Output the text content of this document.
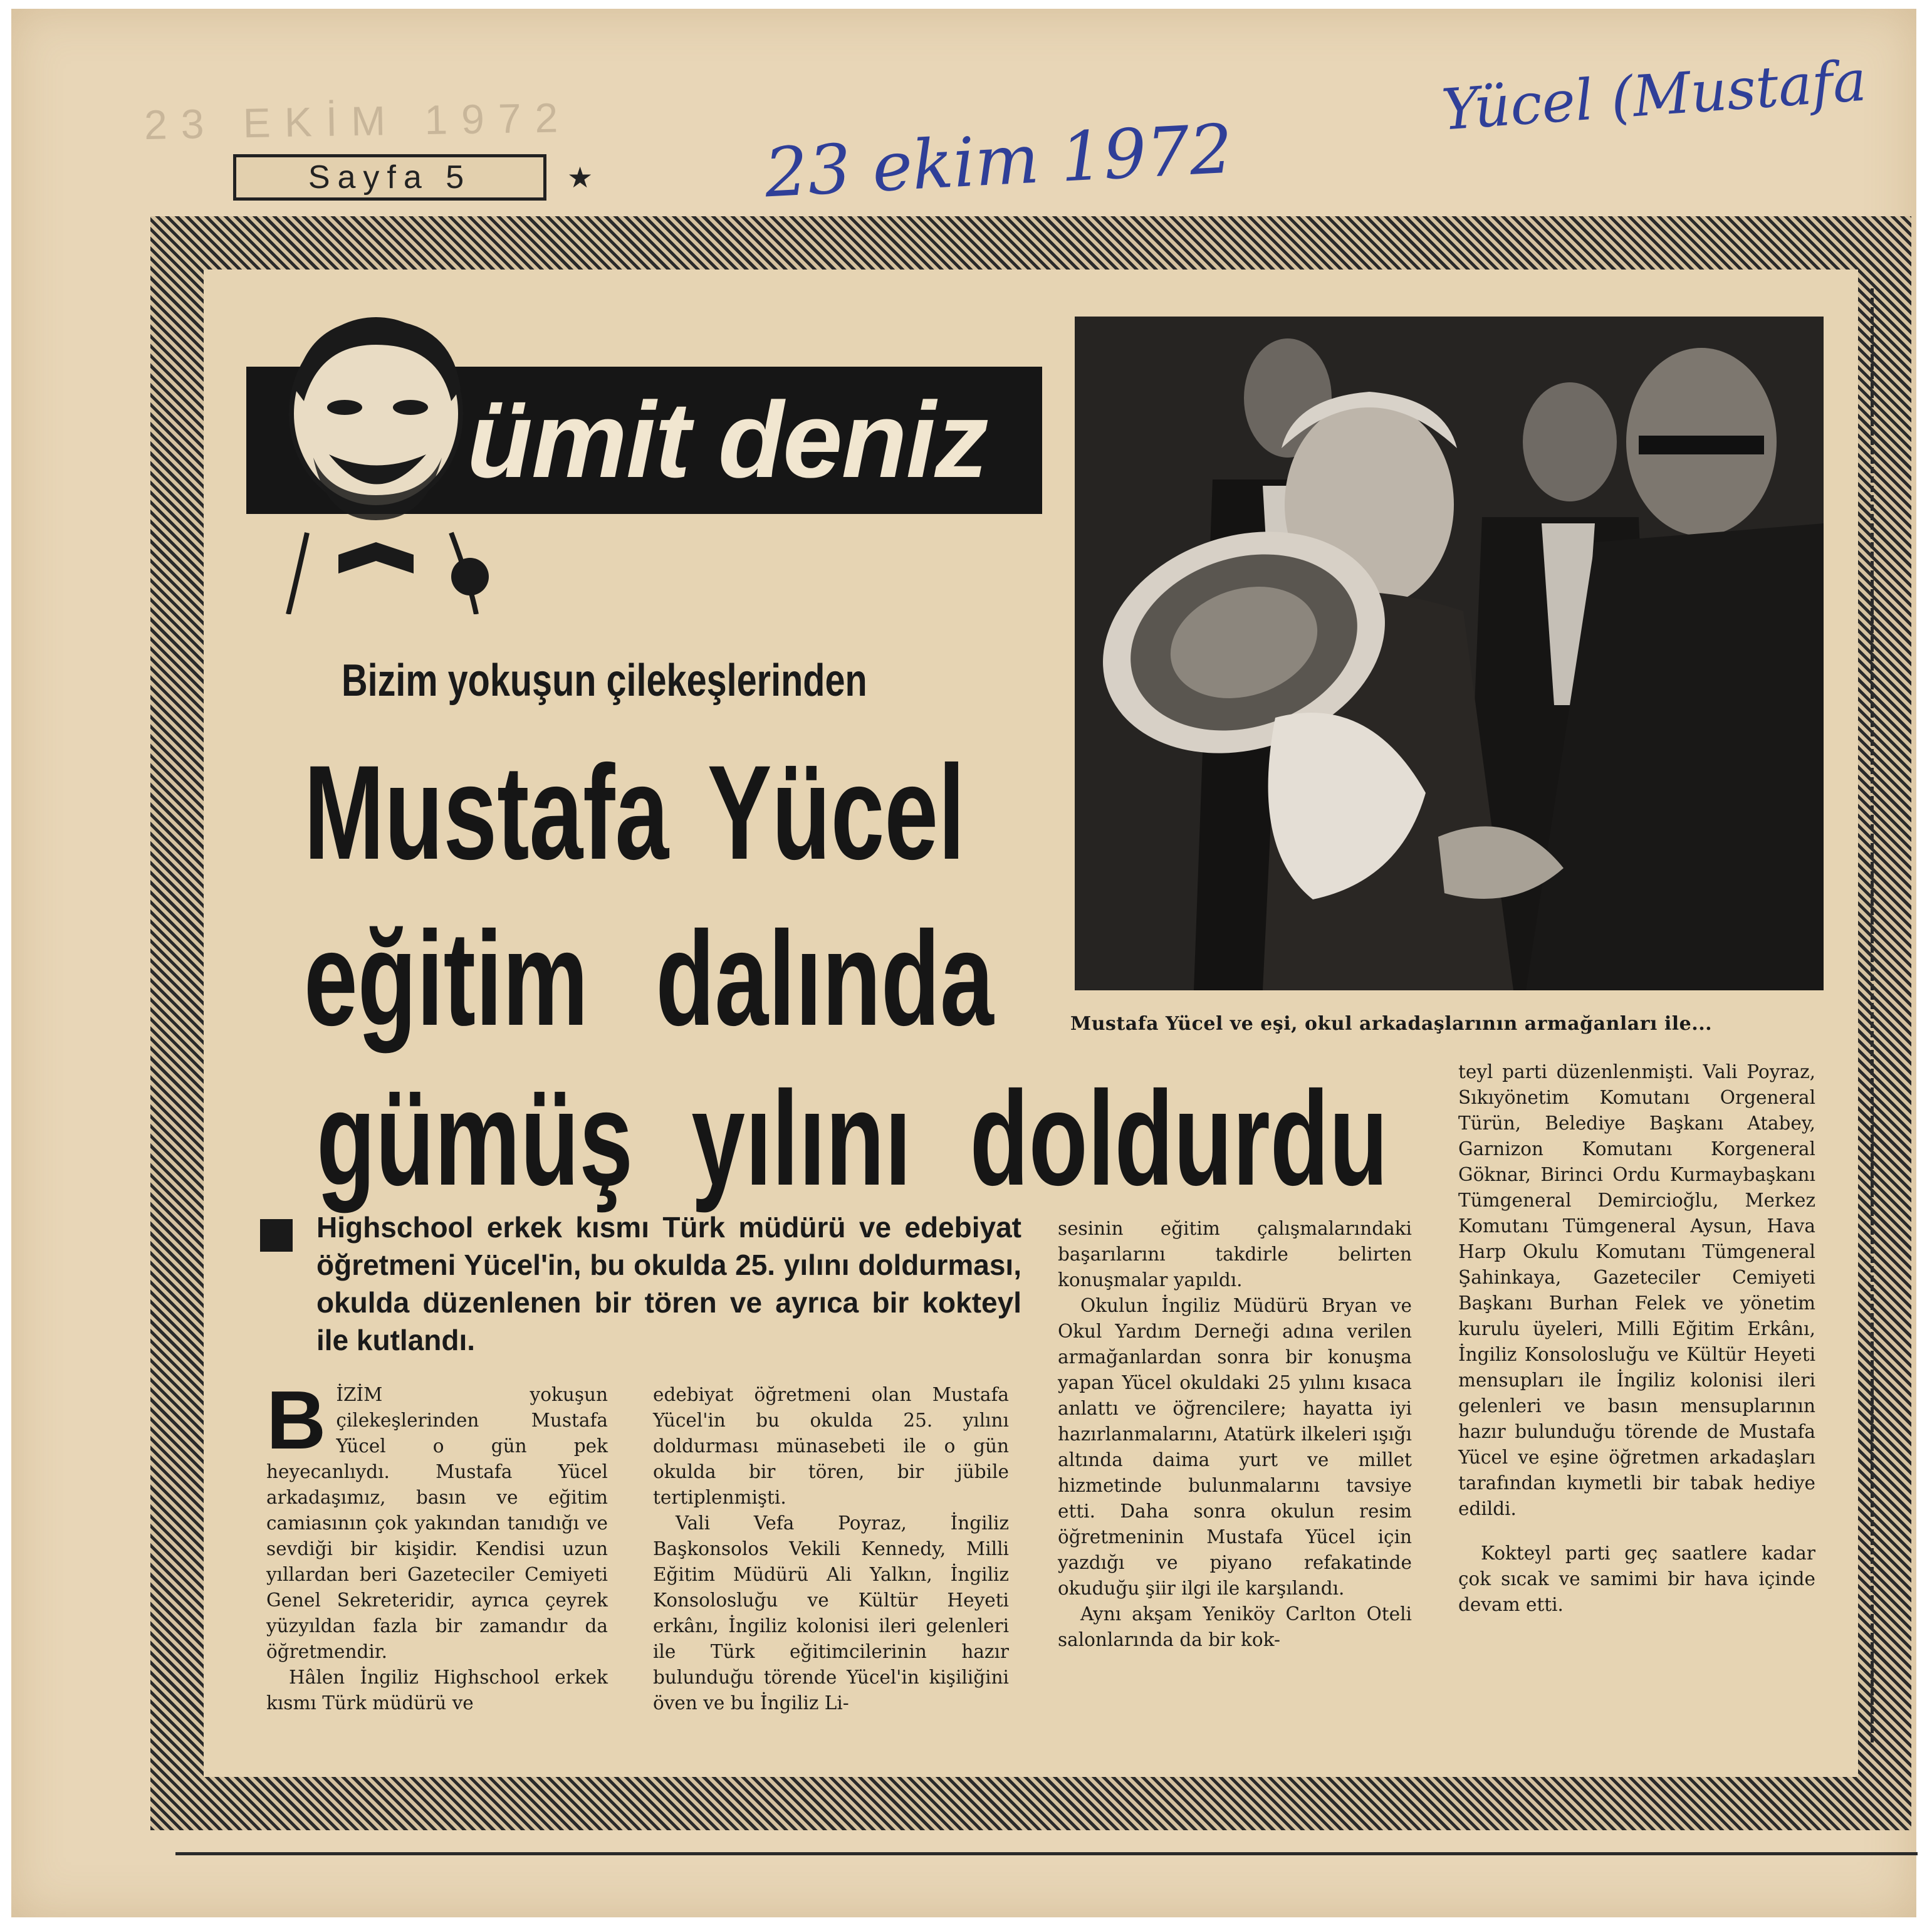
23 EKİM 1972
Sayfa 5	★	23 ekim 1972
Yücel (Mustafa
ümit deniz
Bizim yokuşun çilekeşlerinden
Mustafa Yücel
eğitim dalında
gümüş yılını doldurdu
Mustafa Yücel ve eşi, okul arkadaşlarının armağanları ile...
Highschool erkek kısmı Türk müdürü ve edebiyat öğretmeni Yücel'in, bu okulda 25. yılını doldurması, okulda düzenlenen bir tören ve ayrıca bir kokteyl ile kutlandı.

BİZİM yokuşun çilekeşlerinden Mustafa Yücel o gün pek heyecanlıydı. Mustafa Yücel arkadaşımız, basın ve eğitim camiasının çok yakından tanıdığı ve sevdiği bir kişidir. Kendisi uzun yıllardan beri Gazeteciler Cemiyeti Genel Sekreteridir, ayrıca çeyrek yüzyıldan fazla bir zamandır da öğretmendir.

Hâlen İngiliz Highschool erkek kısmı Türk müdürü ve

edebiyat öğretmeni olan Mustafa Yücel'in bu okulda 25. yılını doldurması münasebeti ile o gün okulda bir tören, bir jübile tertiplenmişti.

Vali Vefa Poyraz, İngiliz Başkonsolos Vekili Kennedy, Milli Eğitim Müdürü Ali Yalkın, İngiliz Konsolosluğu ve Kültür Heyeti erkânı, İngiliz kolonisi ileri gelenleri ile Türk eğitimcilerinin hazır bulunduğu törende Yücel'in kişiliğini öven ve bu İngiliz Li-

sesinin eğitim çalışmalarındaki başarılarını takdirle belirten konuşmalar yapıldı.

Okulun İngiliz Müdürü Bryan ve Okul Yardım Derneği adına verilen armağanlardan sonra bir konuşma yapan Yücel okuldaki 25 yılını kısaca anlattı ve öğrencilere; hayatta iyi hazırlanmalarını, Atatürk ilkeleri ışığı altında daima yurt ve millet hizmetinde bulunmalarını tavsiye etti. Daha sonra okulun resim öğretmeninin Mustafa Yücel için yazdığı ve piyano refakatinde okuduğu şiir ilgi ile karşılandı.

Aynı akşam Yeniköy Carlton Oteli salonlarında da bir kok-

teyl parti düzenlenmişti. Vali Poyraz, Sıkıyönetim Komutanı Orgeneral Türün, Belediye Başkanı Atabey, Garnizon Komutanı Korgeneral Göknar, Birinci Ordu Kurmaybaşkanı Tümgeneral Demircioğlu, Merkez Komutanı Tümgeneral Aysun, Hava Harp Okulu Komutanı Tümgeneral Şahinkaya, Gazeteciler Cemiyeti Başkanı Burhan Felek ve yönetim kurulu üyeleri, Milli Eğitim Erkânı, İngiliz Konsolosluğu ve Kültür Heyeti mensupları ile İngiliz kolonisi ileri gelenleri ve basın mensuplarının hazır bulunduğu törende de Mustafa Yücel ve eşine öğretmen arkadaşları tarafından kıymetli bir tabak hediye edildi.

Kokteyl parti geç saatlere kadar çok sıcak ve samimi bir hava içinde devam etti.
